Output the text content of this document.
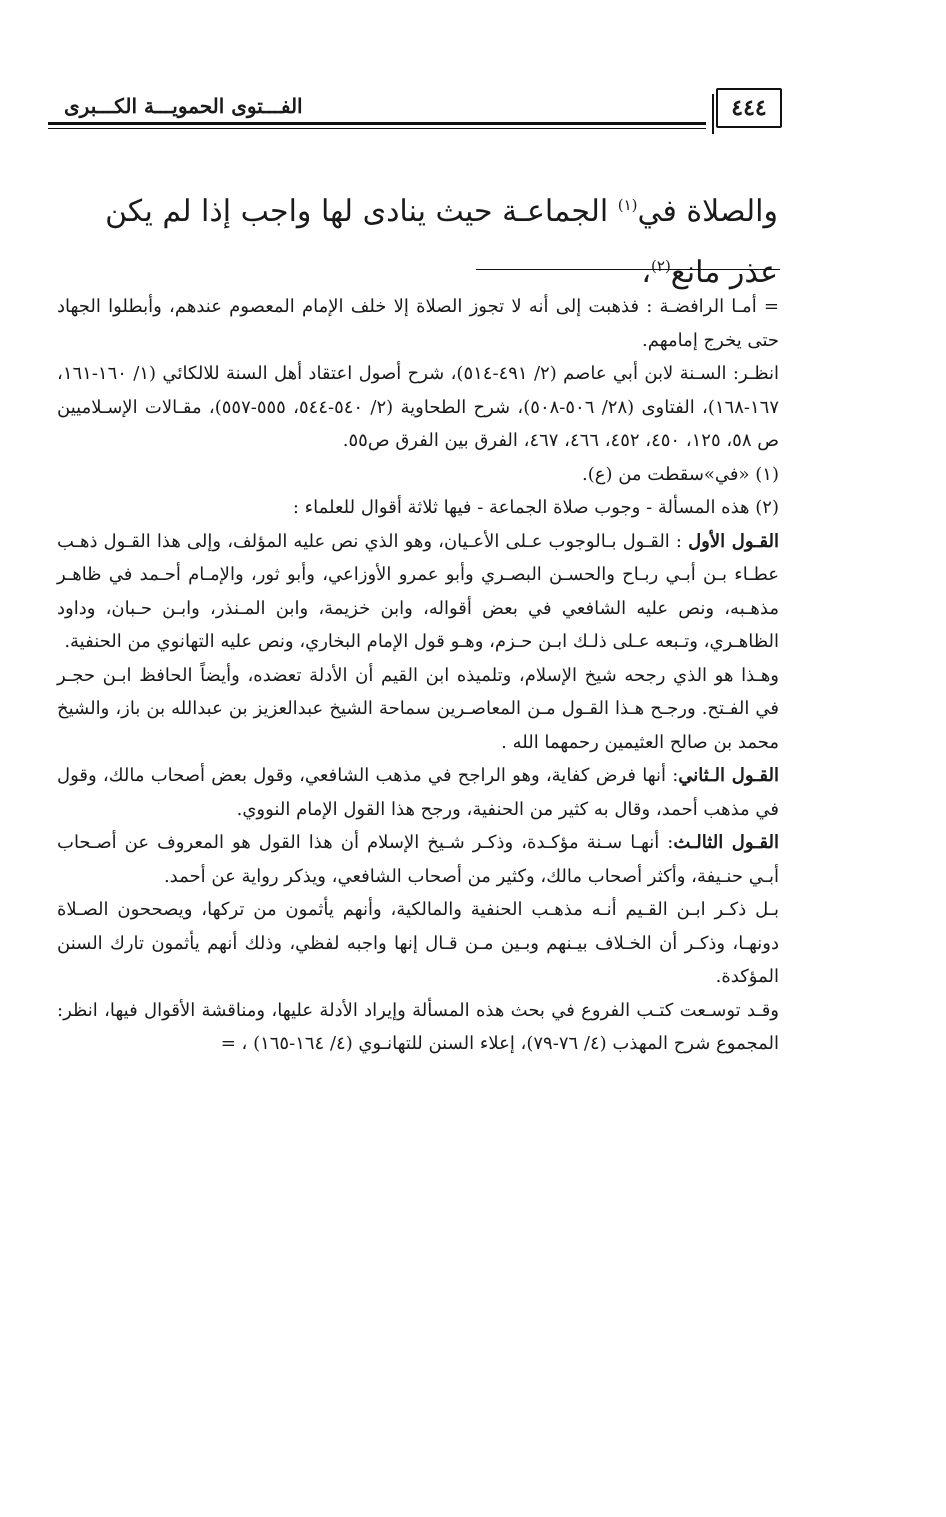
٤٤٤
الفـــتوى الحمويـــة الكـــبرى
والصلاة في$^{(١)}$ الجماعـة حيث ينادى لها واجب إذا لم يكن عذر مانع$^{(٢)}$،

= أمـا الرافضـة : فذهبت إلى أنه لا تجوز الصلاة إلا خلف الإمام المعصوم عندهم، وأبطلوا الجهاد حتى يخرج إمامهم.

انظـر: السـنة لابن أبي عاصم (٢/ ٤٩١-٥١٤)، شرح أصول اعتقاد أهل السنة للالكائي (١/ ١٦٠-١٦١، ١٦٧-١٦٨)، الفتاوى (٢٨/ ٥٠٦-٥٠٨)، شرح الطحاوية (٢/ ٥٤٠-٥٤٤، ٥٥٥-٥٥٧)، مقـالات الإسـلاميين ص ٥٨، ١٢٥، ٤٥٠، ٤٥٢، ٤٦٦، ٤٦٧، الفرق بين الفرق ص٥٥.

(١) «في»سقطت من (ع).

(٢) هذه المسألة - وجوب صلاة الجماعة - فيها ثلاثة أقوال للعلماء :

القـول الأول : القـول بـالوجوب عـلى الأعـيان، وهو الذي نص عليه المؤلف، وإلى هذا القـول ذهـب عطـاء بـن أبـي ربـاح والحسـن البصـري وأبو عمرو الأوزاعي، وأبو ثور، والإمـام أحـمد في ظاهـر مذهـبه، ونص عليه الشافعي في بعض أقواله، وابن خزيمة، وابن المـنذر، وابـن حـبان، وداود الظاهـري، وتـبعه عـلى ذلـك ابـن حـزم، وهـو قول الإمام البخاري، ونص عليه التهانوي من الحنفية.

وهـذا هو الذي رجحه شيخ الإسلام، وتلميذه ابن القيم أن الأدلة تعضده، وأيضاً الحافظ ابـن حجـر في الفـتح. ورجـح هـذا القـول مـن المعاصـرين سماحة الشيخ عبدالعزيز بن عبدالله بن باز، والشيخ محمد بن صالح العثيمين رحمهما الله .

القـول الـثاني: أنها فرض كفاية، وهو الراجح في مذهب الشافعي، وقول بعض أصحاب مالك، وقول في مذهب أحمد، وقال به كثير من الحنفية، ورجح هذا القول الإمام النووي.

القـول الثالـث: أنهـا سـنة مؤكـدة، وذكـر شـيخ الإسلام أن هذا القول هو المعروف عن أصـحاب أبـي حنـيفة، وأكثر أصحاب مالك، وكثير من أصحاب الشافعي، ويذكر رواية عن أحمد.

بـل ذكـر ابـن القـيم أنـه مذهـب الحنفية والمالكية، وأنهم يأثمون من تركها، ويصححون الصـلاة دونهـا، وذكـر أن الخـلاف بيـنهم وبـين مـن قـال إنها واجبه لفظي، وذلك أنهم يأثمون تارك السنن المؤكدة.

وقـد توسـعت كتـب الفروع في بحث هذه المسألة وإيراد الأدلة عليها، ومناقشة الأقوال فيها، انظر: المجموع شرح المهذب (٤/ ٧٦-٧٩)، إعلاء السنن للتهانـوي (٤/ ١٦٤-١٦٥) ، =
